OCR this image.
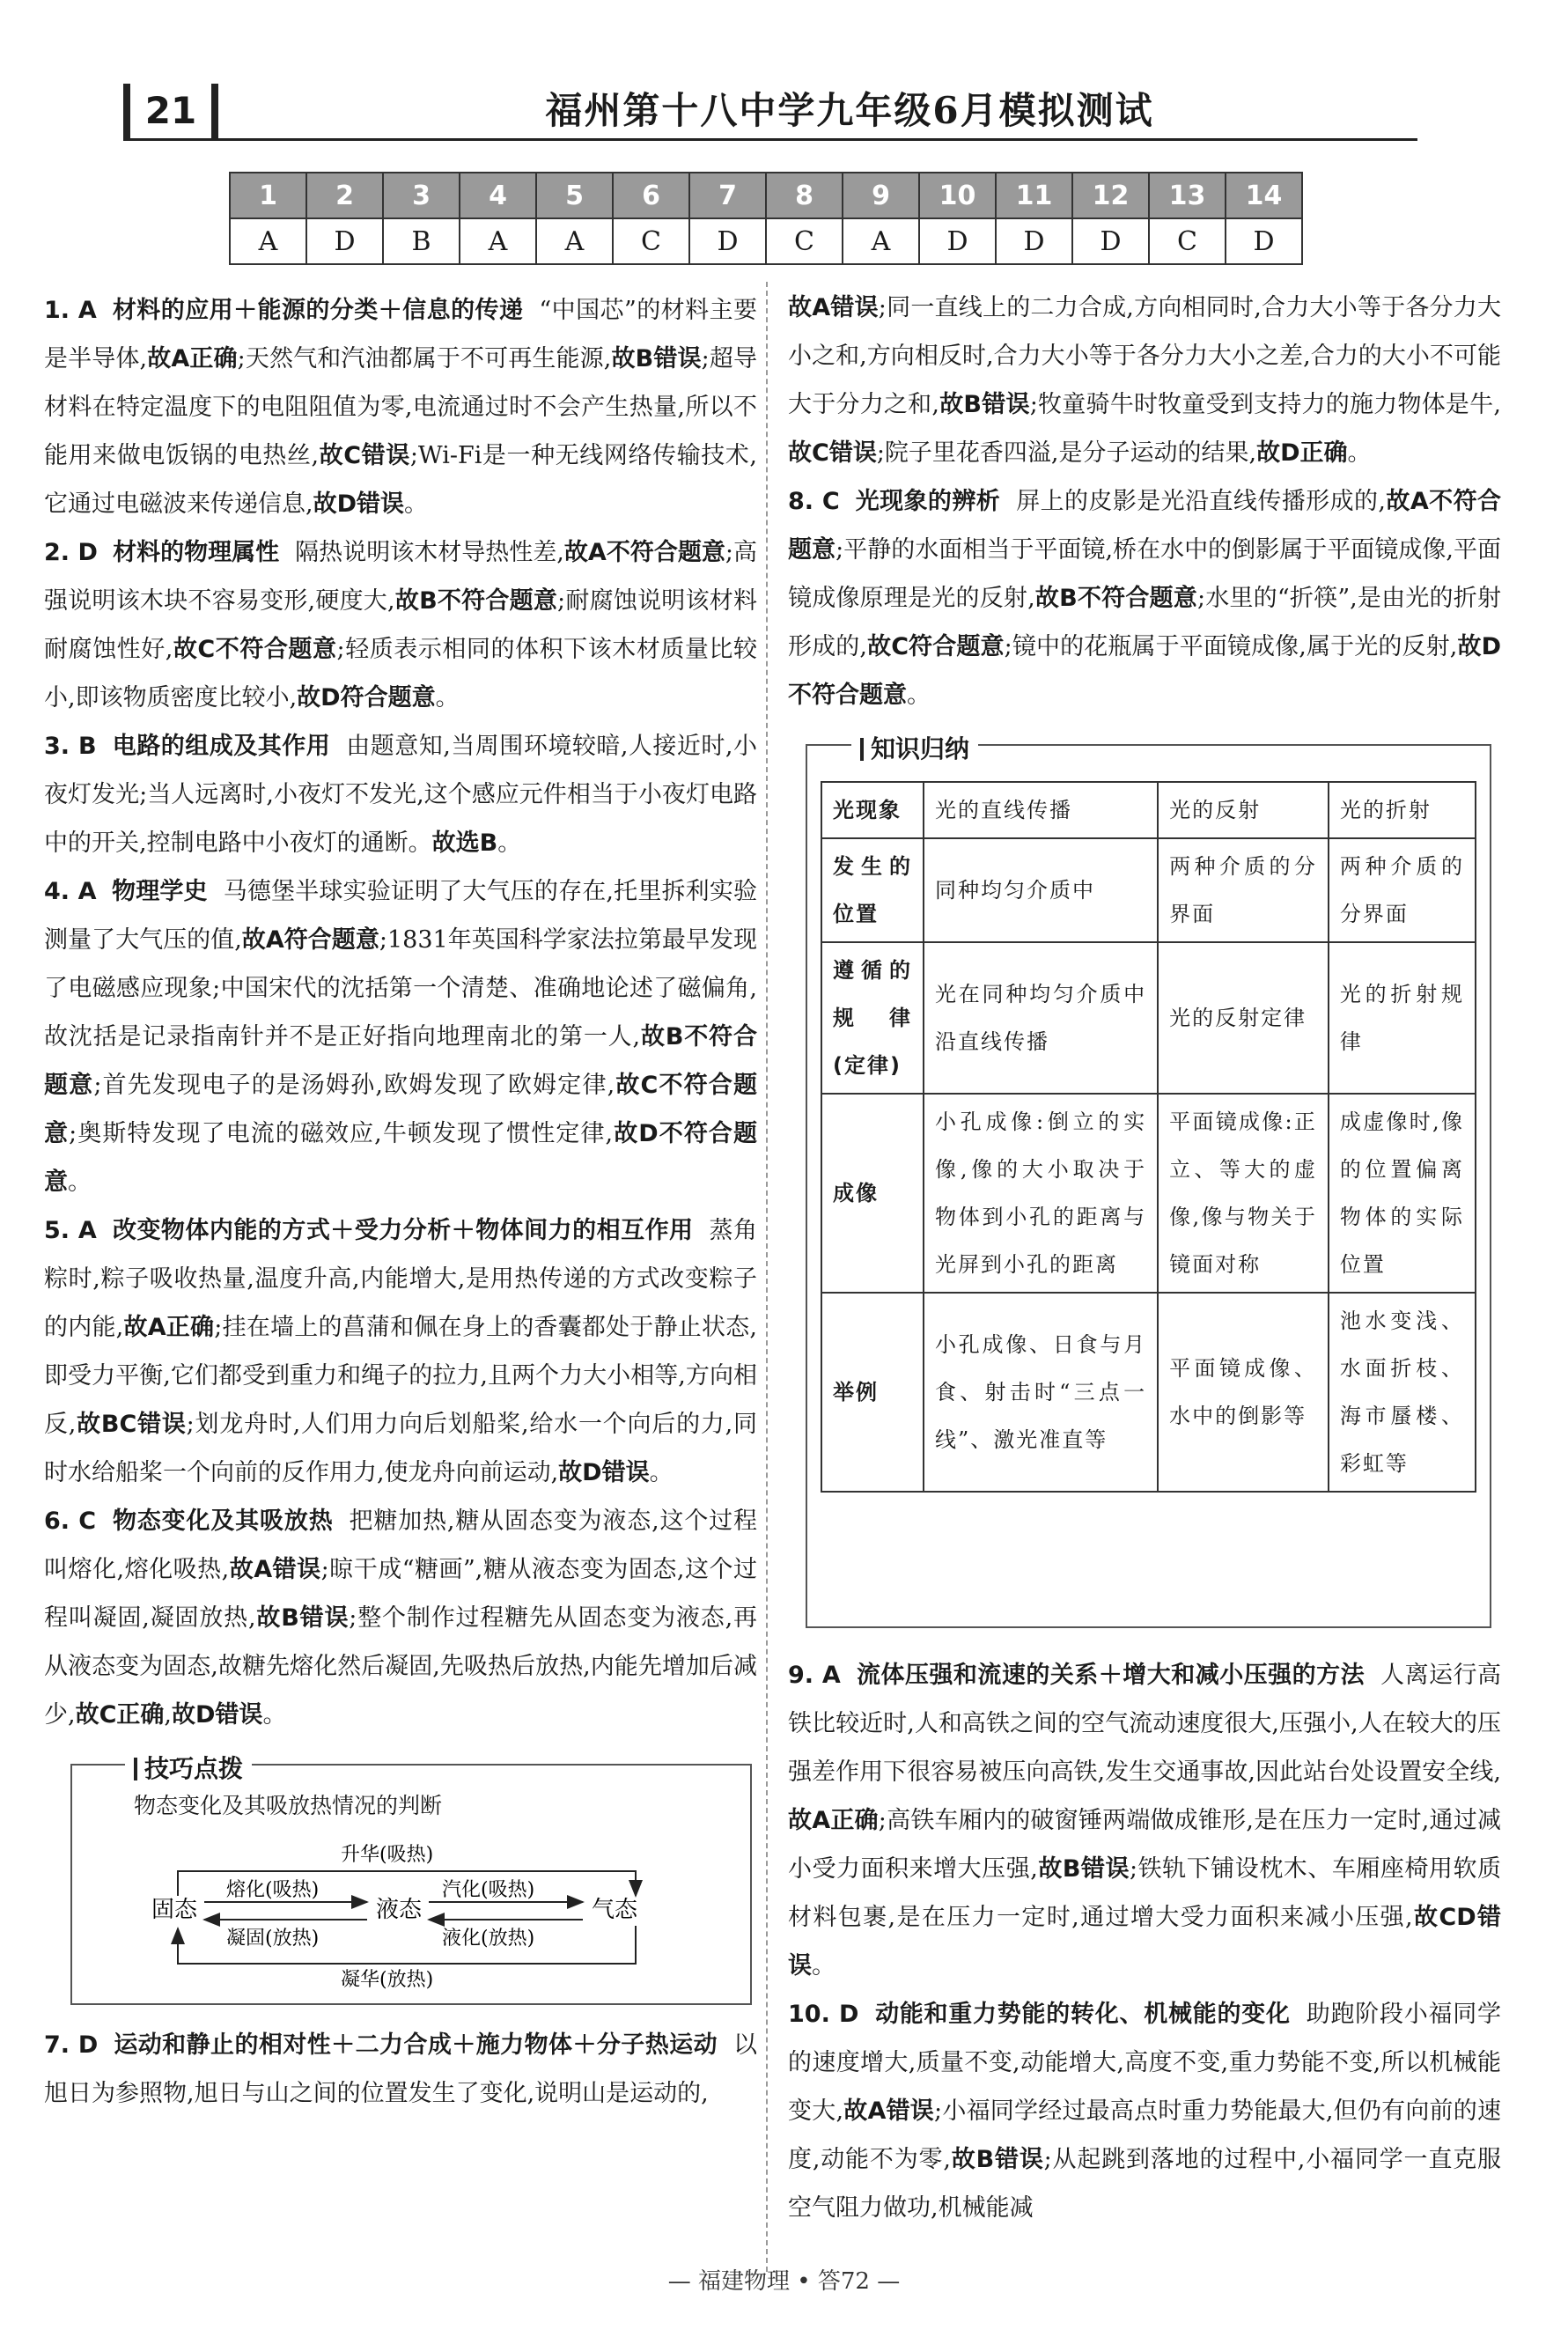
21	福州第十八中学九年级6月模拟测试
1	2	3	4	5	6	7	8	9	10	11	12	13	14
A	D	B	A	A	C	D	C	A	D	D	D	C	D

1. A 材料的应用＋能源的分类＋信息的传递 “中国芯”的材料主要是半导体,故A正确;天然气和汽油都属于不可再生能源,故B错误;超导材料在特定温度下的电阻阻值为零,电流通过时不会产生热量,所以不能用来做电饭锅的电热丝,故C错误;Wi-Fi是一种无线网络传输技术,它通过电磁波来传递信息,故D错误。

2. D 材料的物理属性 隔热说明该木材导热性差,故A不符合题意;高强说明该木块不容易变形,硬度大,故B不符合题意;耐腐蚀说明该材料耐腐蚀性好,故C不符合题意;轻质表示相同的体积下该木材质量比较小,即该物质密度比较小,故D符合题意。

3. B 电路的组成及其作用 由题意知,当周围环境较暗,人接近时,小夜灯发光;当人远离时,小夜灯不发光,这个感应元件相当于小夜灯电路中的开关,控制电路中小夜灯的通断。故选B。

4. A 物理学史 马德堡半球实验证明了大气压的存在,托里拆利实验测量了大气压的值,故A符合题意;1831年英国科学家法拉第最早发现了电磁感应现象;中国宋代的沈括第一个清楚、准确地论述了磁偏角,故沈括是记录指南针并不是正好指向地理南北的第一人,故B不符合题意;首先发现电子的是汤姆孙,欧姆发现了欧姆定律,故C不符合题意;奥斯特发现了电流的磁效应,牛顿发现了惯性定律,故D不符合题意。

5. A 改变物体内能的方式＋受力分析＋物体间力的相互作用 蒸角粽时,粽子吸收热量,温度升高,内能增大,是用热传递的方式改变粽子的内能,故A正确;挂在墙上的菖蒲和佩在身上的香囊都处于静止状态,即受力平衡,它们都受到重力和绳子的拉力,且两个力大小相等,方向相反,故BC错误;划龙舟时,人们用力向后划船桨,给水一个向后的力,同时水给船桨一个向前的反作用力,使龙舟向前运动,故D错误。

6. C 物态变化及其吸放热 把糖加热,糖从固态变为液态,这个过程叫熔化,熔化吸热,故A错误;晾干成“糖画”,糖从液态变为固态,这个过程叫凝固,凝固放热,故B错误;整个制作过程糖先从固态变为液态,再从液态变为固态,故糖先熔化然后凝固,先吸热后放热,内能先增加后减少,故C正确,故D错误。

技巧点拨
物态变化及其吸放热情况的判断
固态	液态	气态
升华(吸热)
熔化(吸热)	汽化(吸热)
凝固(放热)	液化(放热)
凝华(放热)

7. D 运动和静止的相对性＋二力合成＋施力物体＋分子热运动 以旭日为参照物,旭日与山之间的位置发生了变化,说明山是运动的,

故A错误;同一直线上的二力合成,方向相同时,合力大小等于各分力大小之和,方向相反时,合力大小等于各分力大小之差,合力的大小不可能大于分力之和,故B错误;牧童骑牛时牧童受到支持力的施力物体是牛,故C错误;院子里花香四溢,是分子运动的结果,故D正确。

8. C 光现象的辨析 屏上的皮影是光沿直线传播形成的,故A不符合题意;平静的水面相当于平面镜,桥在水中的倒影属于平面镜成像,平面镜成像原理是光的反射,故B不符合题意;水里的“折筷”,是由光的折射形成的,故C符合题意;镜中的花瓶属于平面镜成像,属于光的反射,故D不符合题意。

知识归纳
光现象	光的直线传播	光的反射	光的折射
发生的位置	同种均匀介质中	两种介质的分界面	两种介质的分界面
遵循的规律(定律)	光在同种均匀介质中沿直线传播	光的反射定律	光的折射规律
成像	小孔成像:倒立的实像,像的大小取决于物体到小孔的距离与光屏到小孔的距离	平面镜成像:正立、等大的虚像,像与物关于镜面对称	成虚像时,像的位置偏离物体的实际位置
举例	小孔成像、日食与月食、射击时“三点一线”、激光准直等	平面镜成像、水中的倒影等	池水变浅、水面折枝、海市蜃楼、彩虹等

9. A 流体压强和流速的关系＋增大和减小压强的方法 人离运行高铁比较近时,人和高铁之间的空气流动速度很大,压强小,人在较大的压强差作用下很容易被压向高铁,发生交通事故,因此站台处设置安全线,故A正确;高铁车厢内的破窗锤两端做成锥形,是在压力一定时,通过减小受力面积来增大压强,故B错误;铁轨下铺设枕木、车厢座椅用软质材料包裹,是在压力一定时,通过增大受力面积来减小压强,故CD错误。

10. D 动能和重力势能的转化、机械能的变化 助跑阶段小福同学的速度增大,质量不变,动能增大,高度不变,重力势能不变,所以机械能变大,故A错误;小福同学经过最高点时重力势能最大,但仍有向前的速度,动能不为零,故B错误;从起跳到落地的过程中,小福同学一直克服空气阻力做功,机械能减

— 福建物理 • 答72 —
